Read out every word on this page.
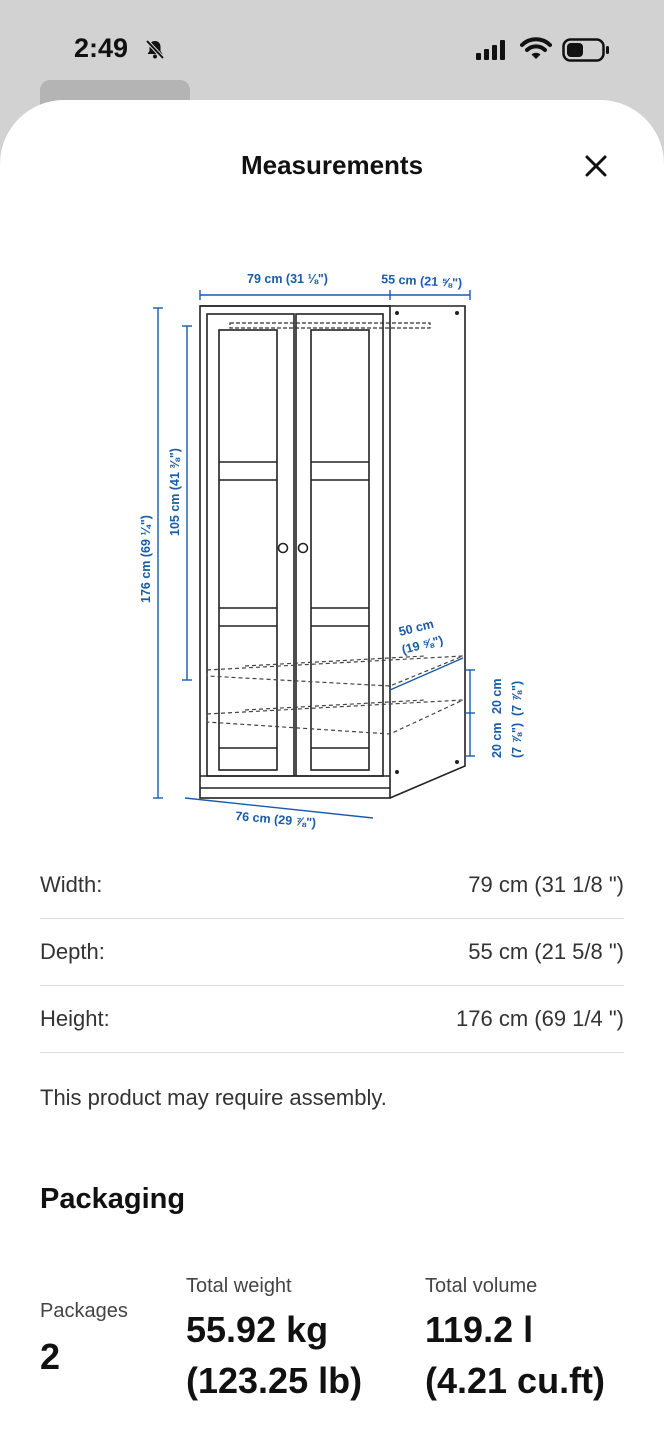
2:49
Measurements
79 cm (31 ⅛")	55 cm (21 ⅝")
176 cm (69 ¼")
105 cm (41 ⅜")
50 cm
(19 ⅝")
20 cm (7 ⅞")
20 cm (7 ⅞")
76 cm (29 ⅞")
Width:	79 cm (31 1/8 ")
Depth:	55 cm (21 5/8 ")
Height:	176 cm (69 1/4 ")
This product may require assembly.
Packaging
Packages
2
Total weight
55.92 kg
(123.25 lb)
Total volume
119.2 l
(4.21 cu.ft)
